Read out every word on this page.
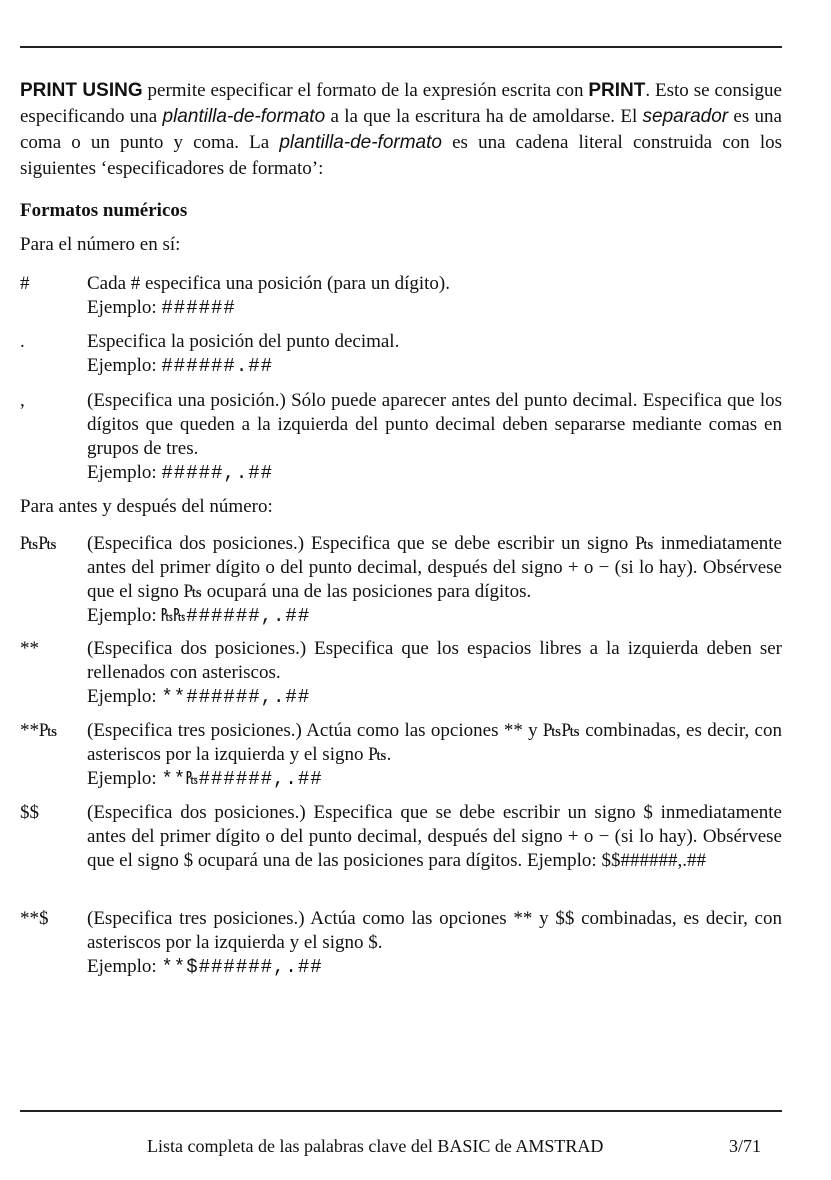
PRINT USING permite especificar el formato de la expresión escrita con PRINT. Esto se consigue especificando una plantilla-de-formato a la que la escritura ha de amoldarse. El separador es una coma o un punto y coma. La plantilla-de-formato es una cadena literal construida con los siguientes ‘especificadores de formato’:

Formatos numéricos

Para el número en sí:

#	Cada # especifica una posición (para un dígito).

Ejemplo: ######

.	Especifica la posición del punto decimal.

Ejemplo: ######.##

,	(Especifica una posición.) Sólo puede aparecer antes del punto decimal. Especifica que los dígitos que queden a la izquierda del punto decimal deben separarse mediante comas en grupos de tres.

Ejemplo: #####,.##

Para antes y después del número:

₧₧	(Especifica dos posiciones.) Especifica que se debe escribir un signo ₧ inmediatamente antes del primer dígito o del punto decimal, después del signo + o − (si lo hay). Obsérvese que el signo ₧ ocupará una de las posiciones para dígitos.

Ejemplo: ₧₧######,.##

**	(Especifica dos posiciones.) Especifica que los espacios libres a la izquierda deben ser rellenados con asteriscos.

Ejemplo: **######,.##

**₧	(Especifica tres posiciones.) Actúa como las opciones ** y ₧₧ combinadas, es decir, con asteriscos por la izquierda y el signo ₧.

Ejemplo: **₧######,.##

$$	(Especifica dos posiciones.) Especifica que se debe escribir un signo $ inmediatamente antes del primer dígito o del punto decimal, después del signo + o − (si lo hay). Obsérvese que el signo $ ocupará una de las posiciones para dígitos. Ejemplo: $$######,.##

**$	(Especifica tres posiciones.) Actúa como las opciones ** y $$ combinadas, es decir, con asteriscos por la izquierda y el signo $.

Ejemplo: **$######,.##

Lista completa de las palabras clave del BASIC de AMSTRAD	3/71
